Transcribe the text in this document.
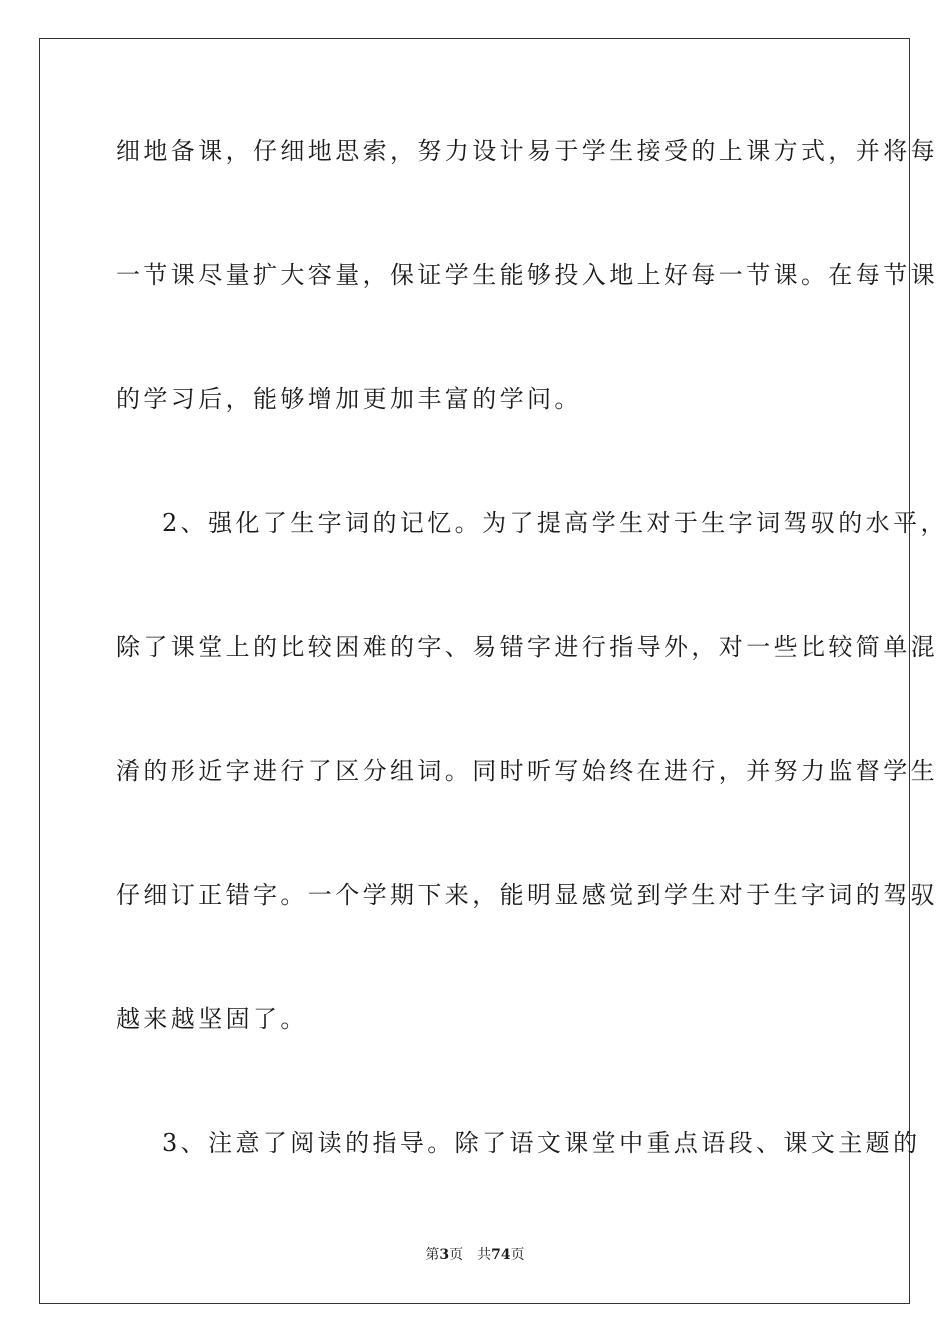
细地备课，仔细地思索，努力设计易于学生接受的上课方式，并将每
一节课尽量扩大容量，保证学生能够投入地上好每一节课。在每节课
的学习后，能够增加更加丰富的学问。
2、强化了生字词的记忆。为了提高学生对于生字词驾驭的水平，
除了课堂上的比较困难的字、易错字进行指导外，对一些比较简单混
淆的形近字进行了区分组词。同时听写始终在进行，并努力监督学生
仔细订正错字。一个学期下来，能明显感觉到学生对于生字词的驾驭
越来越坚固了。
3、注意了阅读的指导。除了语文课堂中重点语段、课文主题的
第3页 共74页
